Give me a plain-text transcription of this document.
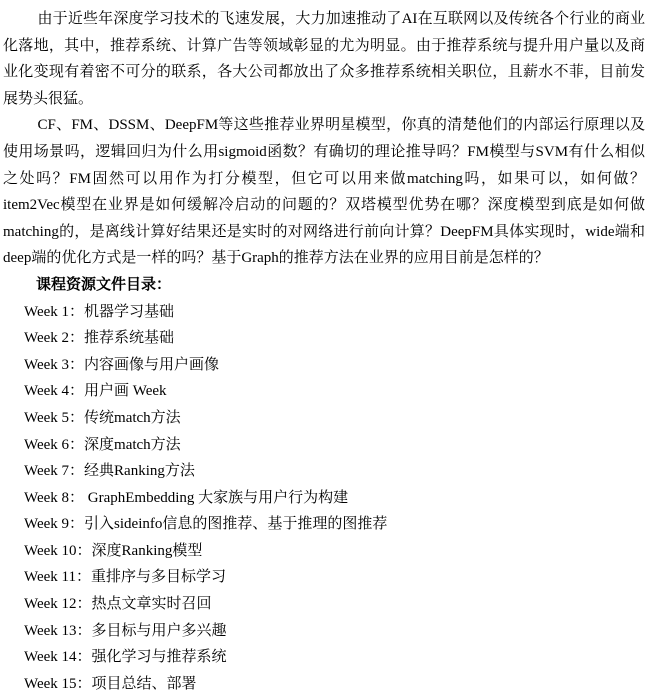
由于近些年深度学习技术的飞速发展，大力加速推动了AI在互联网以及传统各个行业的商业化落地，其中，推荐系统、计算广告等领域彰显的尤为明显。由于推荐系统与提升用户量以及商业化变现有着密不可分的联系，各大公司都放出了众多推荐系统相关职位，且薪水不菲，目前发展势头很猛。

CF、FM、DSSM、DeepFM等这些推荐业界明星模型，你真的清楚他们的内部运行原理以及使用场景吗，逻辑回归为什么用sigmoid函数？有确切的理论推导吗？FM模型与SVM有什么相似之处吗？FM固然可以用作为打分模型，但它可以用来做matching吗，如果可以，如何做？item2Vec模型在业界是如何缓解冷启动的问题的？双塔模型优势在哪？深度模型到底是如何做matching的，是离线计算好结果还是实时的对网络进行前向计算？DeepFM具体实现时，wide端和deep端的优化方式是一样的吗？基于Graph的推荐方法在业界的应用目前是怎样的？

课程资源文件目录：

Week 1：机器学习基础

Week 2：推荐系统基础

Week 3：内容画像与用户画像

Week 4：用户画 Week

Week 5：传统match方法

Week 6：深度match方法

Week 7：经典Ranking方法

Week 8： GraphEmbedding 大家族与用户行为构建

Week 9：引入sideinfo信息的图推荐、基于推理的图推荐

Week 10：深度Ranking模型

Week 11：重排序与多目标学习

Week 12：热点文章实时召回

Week 13：多目标与用户多兴趣

Week 14：强化学习与推荐系统

Week 15：项目总结、部署
